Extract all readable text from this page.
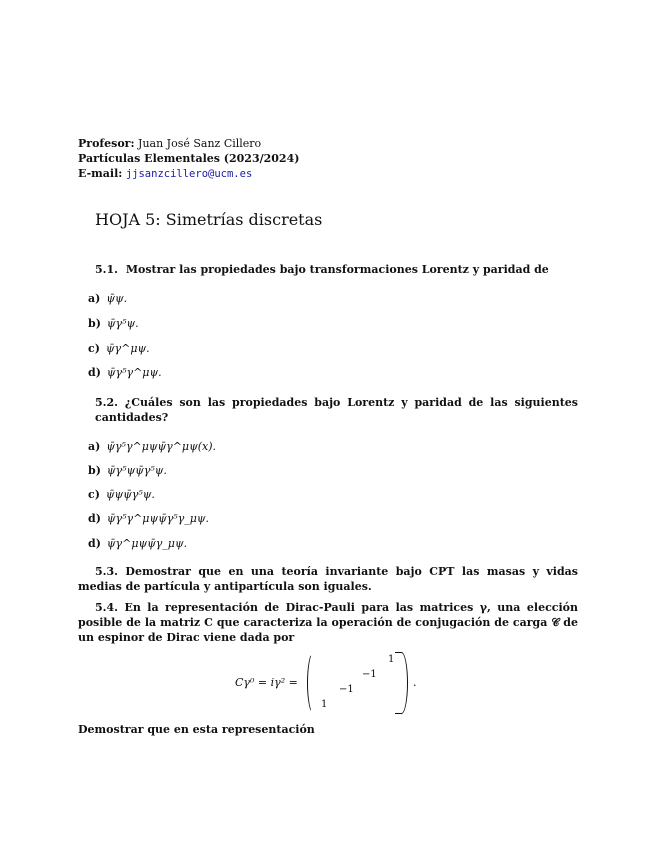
Profesor: Juan José Sanz Cillero
Partículas Elementales (2023/2024)
E-mail: jjsanzcillero@ucm.es
HOJA 5: Simetrías discretas
5.1. Mostrar las propiedades bajo transformaciones Lorentz y paridad de
a) ψ̄ψ.
b) ψ̄γ⁵ψ.
c) ψ̄γ^μψ.
d) ψ̄γ⁵γ^μψ.
5.2. ¿Cuáles son las propiedades bajo Lorentz y paridad de las siguientes cantidades?
a) ψ̄γ⁵γ^μψψ̄γ^μψ(x).
b) ψ̄γ⁵ψψ̄γ⁵ψ.
c) ψ̄ψψ̄γ⁵ψ.
d) ψ̄γ⁵γ^μψψ̄γ⁵γ_μψ.
d) ψ̄γ^μψψ̄γ_μψ.
5.3. Demostrar que en una teoría invariante bajo CPT las masas y vidas medias de partícula y antipartícula son iguales.
5.4. En la representación de Dirac-Pauli para las matrices γ, una elección posible de la matriz C que caracteriza la operación de conjugación de carga 𝒞 de un espinor de Dirac viene dada por
Cγ⁰ = iγ² =
1
−1
−1
1
.
Demostrar que en esta representación
